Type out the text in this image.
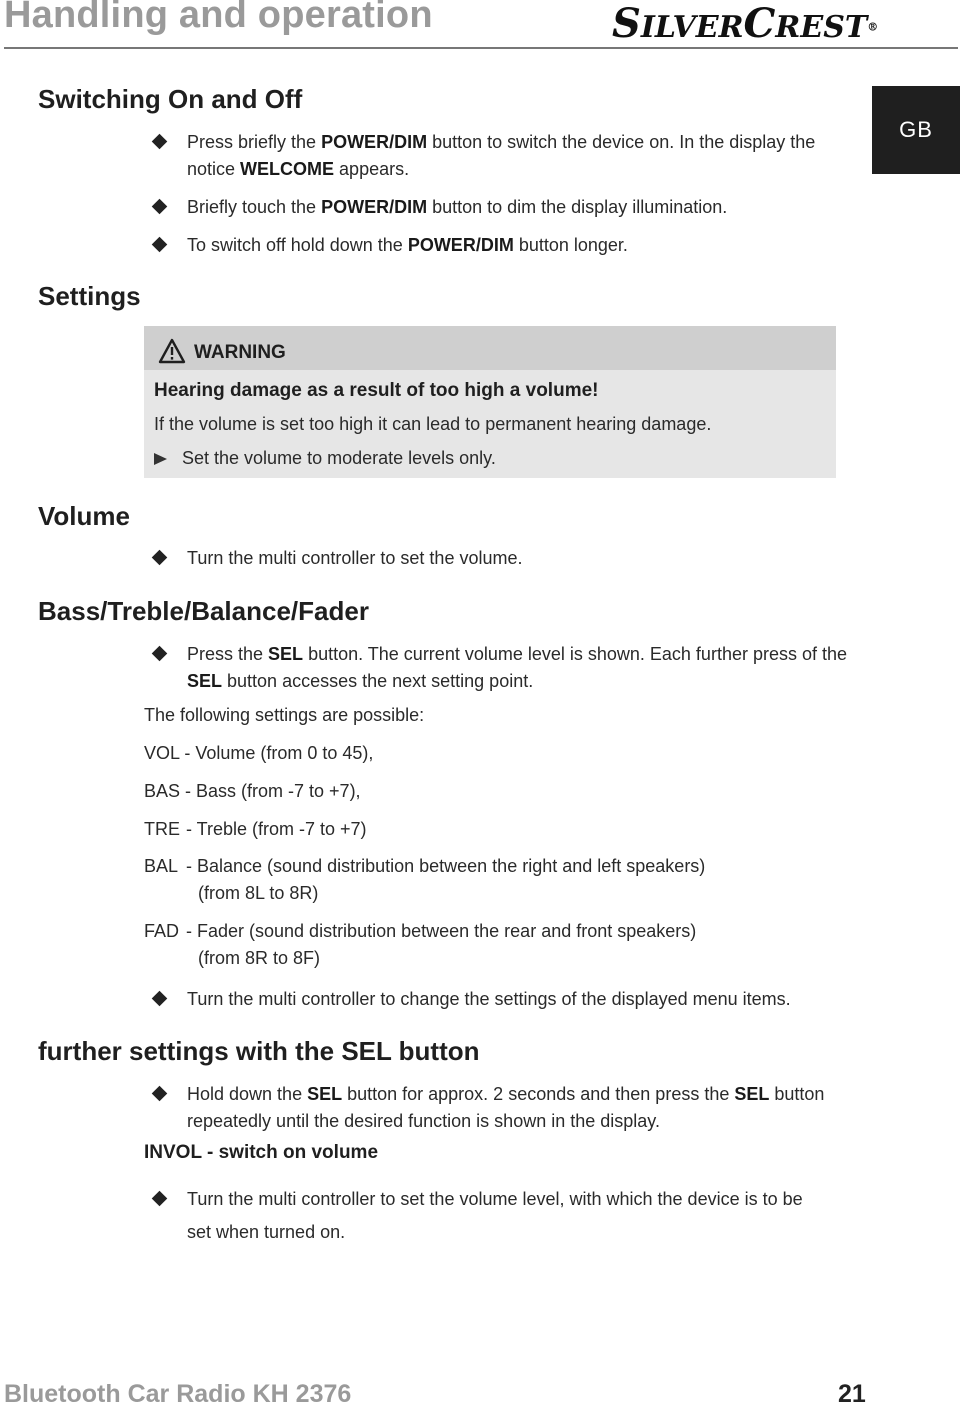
Handling and operation	SILVERCREST®
GB
Switching On and Off
Press briefly the POWER/DIM button to switch the device on. In the display the notice WELCOME appears.
Briefly touch the POWER/DIM button to dim the display illumination.
To switch off hold down the POWER/DIM button longer.
Settings
WARNING
Hearing damage as a result of too high a volume!
If the volume is set too high it can lead to permanent hearing damage.
Set the volume to moderate levels only.
Volume
Turn the multi controller to set the volume.
Bass/Treble/Balance/Fader
Press the SEL button. The current volume level is shown. Each further press of the SEL button accesses the next setting point.
The following settings are possible:
VOL - Volume (from 0 to 45),
BAS - Bass (from -7 to +7),
TRE - Treble (from -7 to +7)
BAL - Balance (sound distribution between the right and left speakers)
(from 8L to 8R)
FAD - Fader (sound distribution between the rear and front speakers)
(from 8R to 8F)
Turn the multi controller to change the settings of the displayed menu items.
further settings with the SEL button
Hold down the SEL button for approx. 2 seconds and then press the SEL button repeatedly until the desired function is shown in the display.
INVOL - switch on volume
Turn the multi controller to set the volume level, with which the device is to be
set when turned on.
Bluetooth Car Radio KH 2376	21
